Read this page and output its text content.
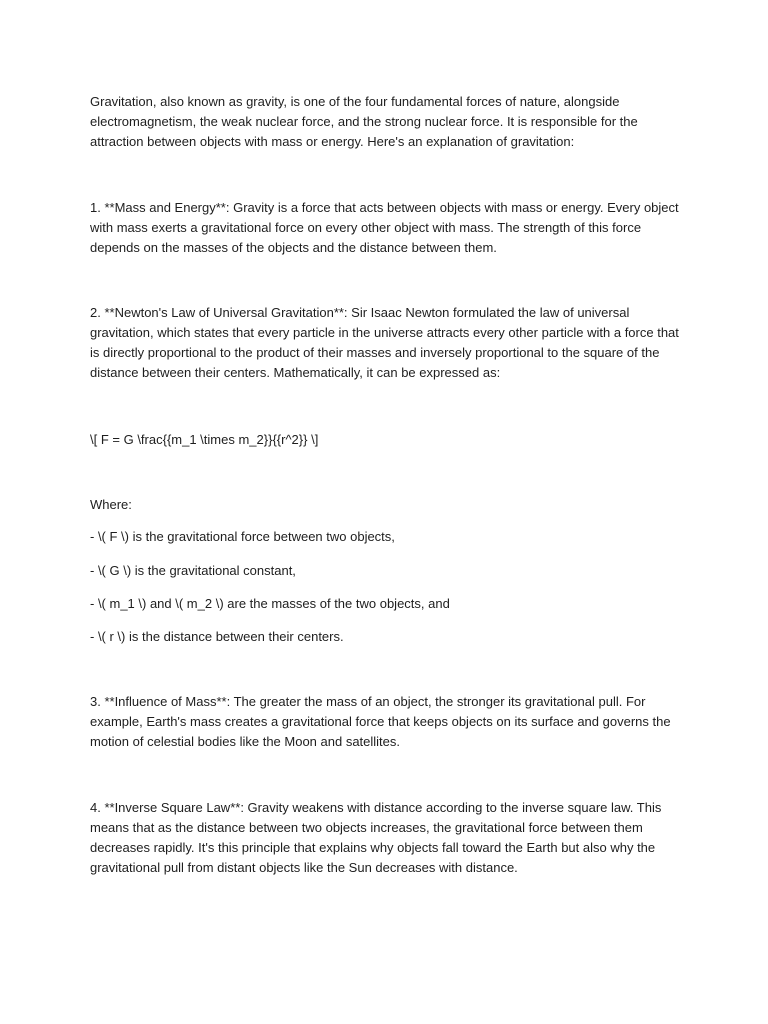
Gravitation, also known as gravity, is one of the four fundamental forces of nature, alongside electromagnetism, the weak nuclear force, and the strong nuclear force. It is responsible for the attraction between objects with mass or energy. Here's an explanation of gravitation:

1. **Mass and Energy**: Gravity is a force that acts between objects with mass or energy. Every object with mass exerts a gravitational force on every other object with mass. The strength of this force depends on the masses of the objects and the distance between them.

2. **Newton's Law of Universal Gravitation**: Sir Isaac Newton formulated the law of universal gravitation, which states that every particle in the universe attracts every other particle with a force that is directly proportional to the product of their masses and inversely proportional to the square of the distance between their centers. Mathematically, it can be expressed as:

\[ F = G \frac{{m_1 \times m_2}}{{r^2}} \]

Where:

- \( F \) is the gravitational force between two objects,

- \( G \) is the gravitational constant,

- \( m_1 \) and \( m_2 \) are the masses of the two objects, and

- \( r \) is the distance between their centers.

3. **Influence of Mass**: The greater the mass of an object, the stronger its gravitational pull. For example, Earth's mass creates a gravitational force that keeps objects on its surface and governs the motion of celestial bodies like the Moon and satellites.

4. **Inverse Square Law**: Gravity weakens with distance according to the inverse square law. This means that as the distance between two objects increases, the gravitational force between them decreases rapidly. It's this principle that explains why objects fall toward the Earth but also why the gravitational pull from distant objects like the Sun decreases with distance.
